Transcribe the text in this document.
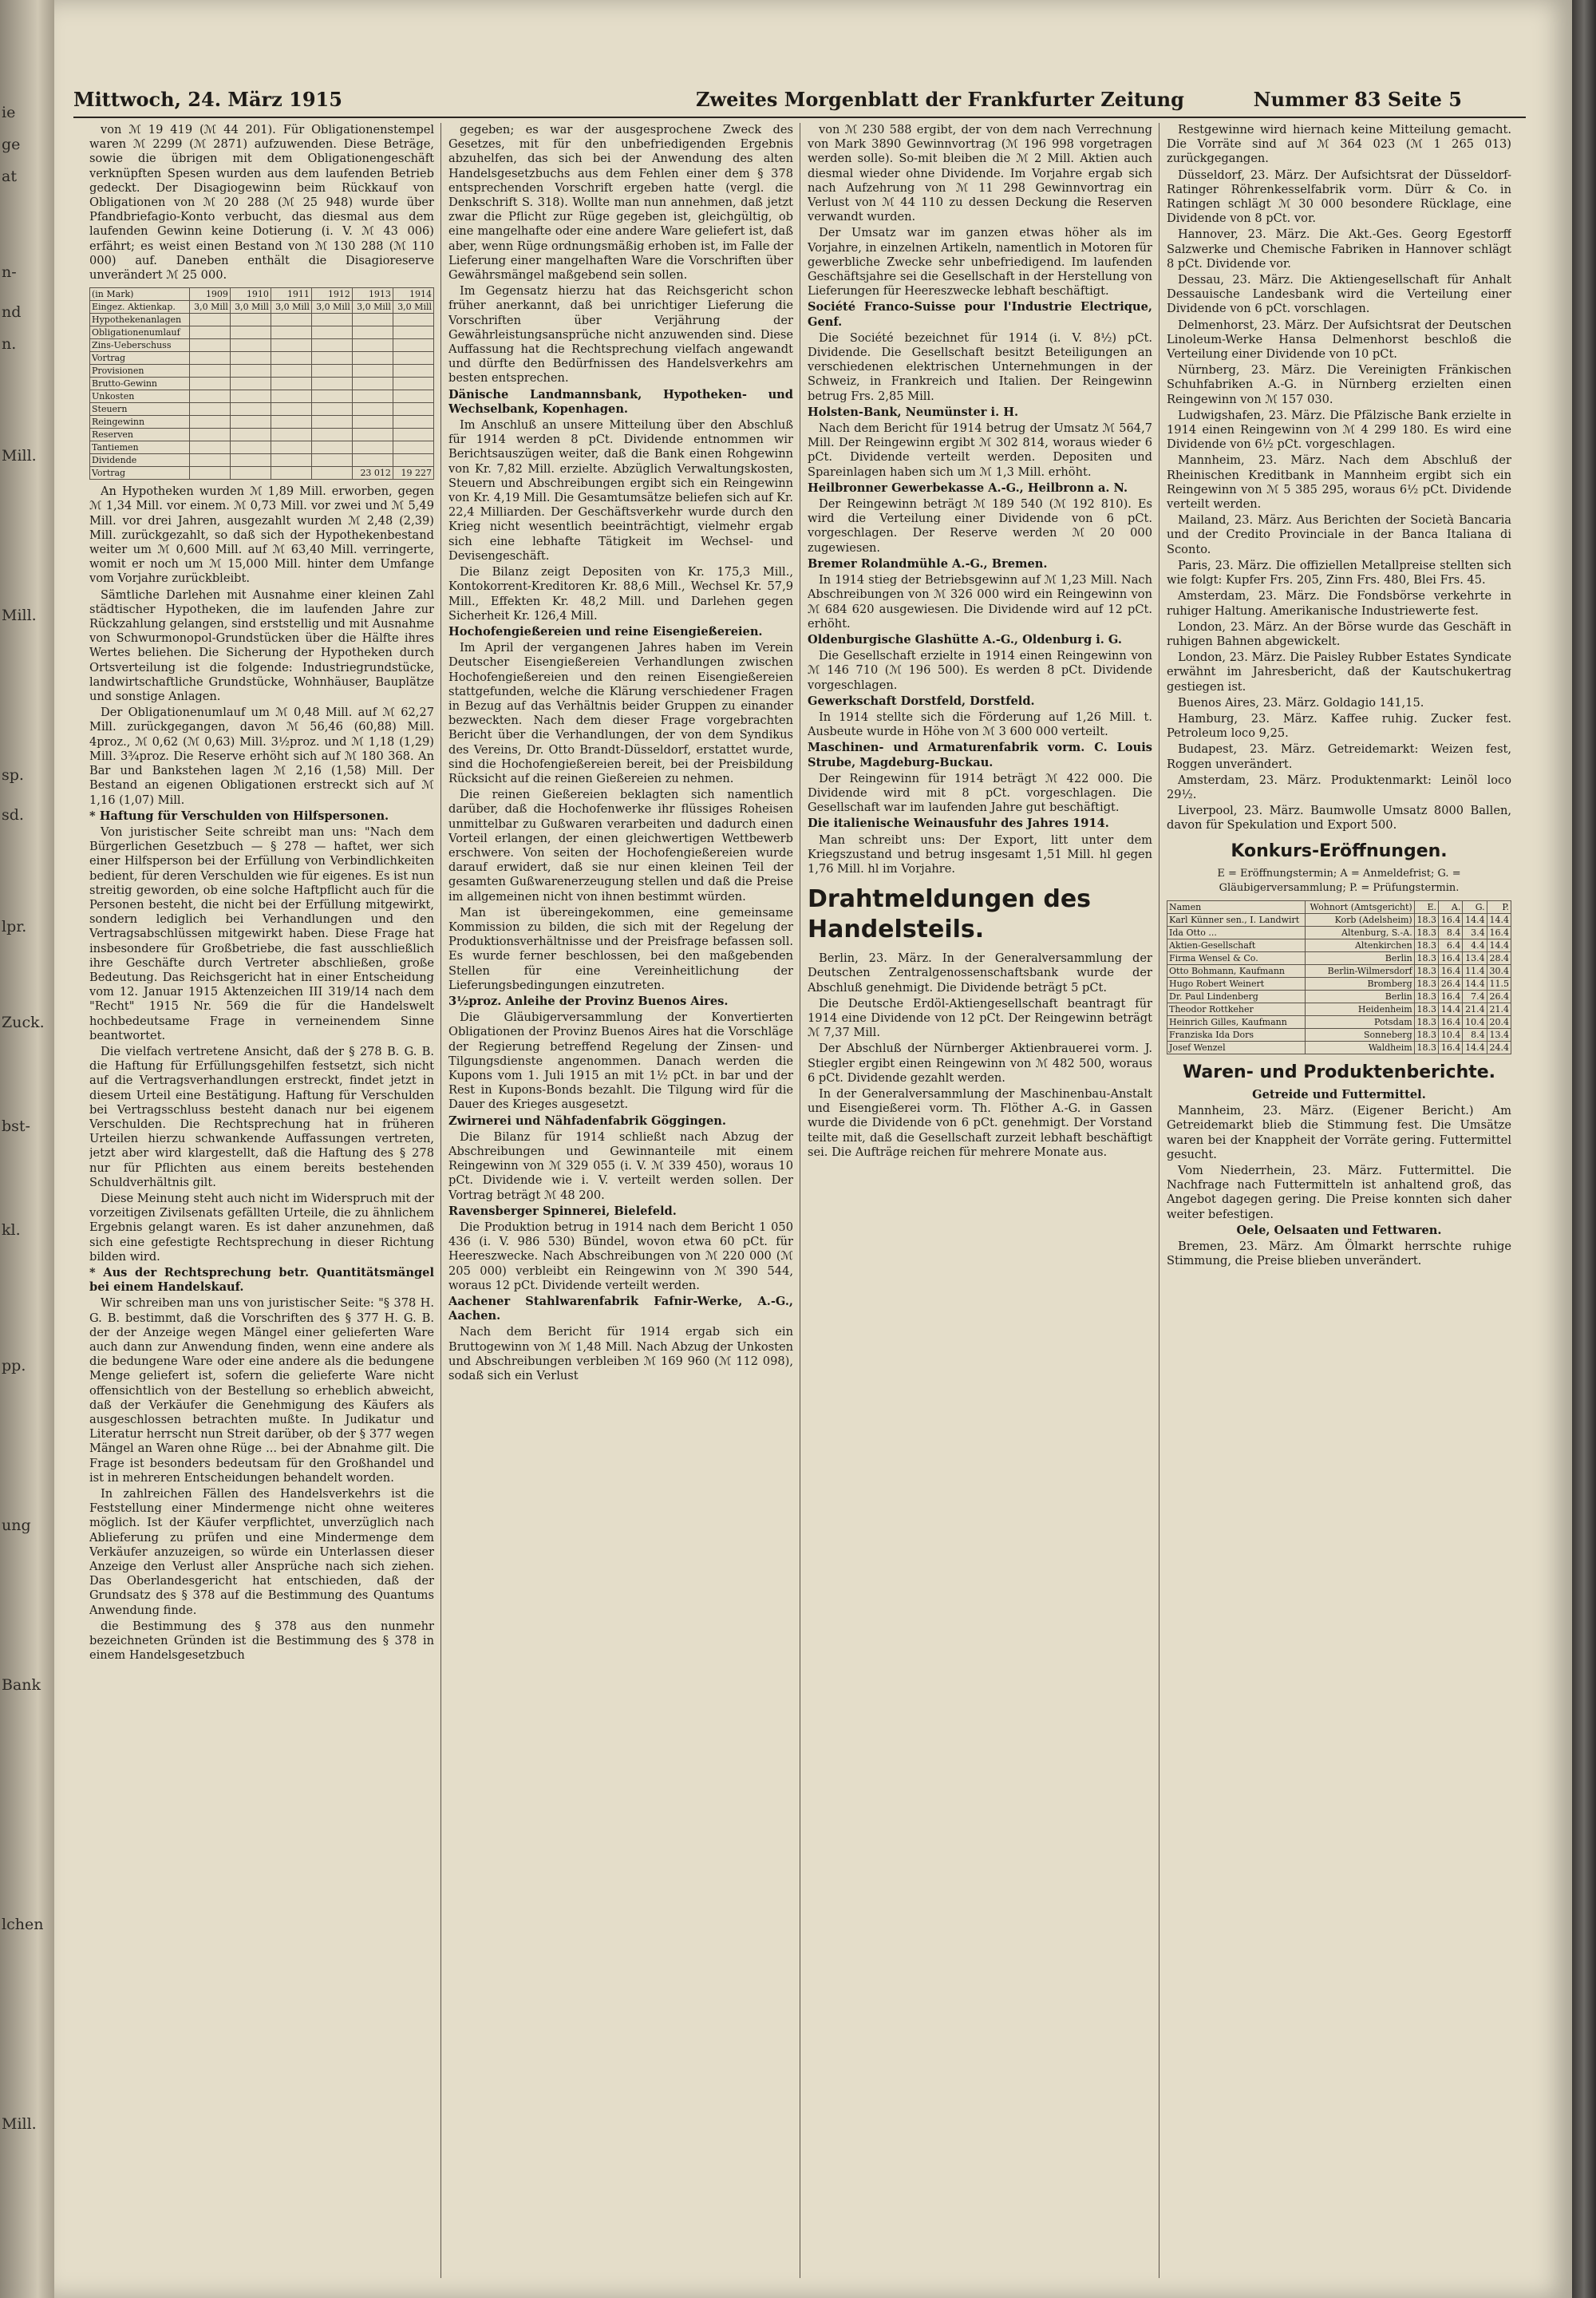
ie
ge
at
n-
nd
n.
Mill.
Mill.
sp.
sd.
lpr.
Zuck.
bst-
kl.
pp.
ung
Bank
lchen
Mill.
Mittwoch, 24. März 1915	Zweites Morgenblatt der Frankfurter Zeitung	Nummer 83 Seite 5

von ℳ 19 419 (ℳ 44 201). Für Obligationenstempel waren ℳ 2299 (ℳ 2871) aufzuwenden. Diese Beträge, sowie die übrigen mit dem Obligationengeschäft verknüpften Spesen wurden aus dem laufenden Betrieb gedeckt. Der Disagiogewinn beim Rückkauf von Obligationen von ℳ 20 288 (ℳ 25 948) wurde über Pfandbriefagio-Konto verbucht, das diesmal aus dem laufenden Gewinn keine Dotierung (i. V. ℳ 43 006) erfährt; es weist einen Bestand von ℳ 130 288 (ℳ 110 000) auf. Daneben enthält die Disagioreserve unverändert ℳ 25 000.

(in Mark)	1909	1910	1911	1912	1913	1914
Eingez. Aktienkap.	3,0 Mill	3,0 Mill	3,0 Mill	3,0 Mill	3,0 Mill	3,0 Mill
Hypothekenanlagen						
Obligationenumlauf						
Zins-Ueberschuss						
Vortrag						
Provisionen						
Brutto-Gewinn						
Unkosten						
Steuern						
Reingewinn						
Reserven						
Tantiemen						
Dividende						
Vortrag					23 012	19 227

An Hypotheken wurden ℳ 1,89 Mill. erworben, gegen ℳ 1,34 Mill. vor einem. ℳ 0,73 Mill. vor zwei und ℳ 5,49 Mill. vor drei Jahren, ausgezahlt wurden ℳ 2,48 (2,39) Mill. zurückgezahlt, so daß sich der Hypothekenbestand weiter um ℳ 0,600 Mill. auf ℳ 63,40 Mill. verringerte, womit er noch um ℳ 15,000 Mill. hinter dem Umfange vom Vorjahre zurückbleibt.

Sämtliche Darlehen mit Ausnahme einer kleinen Zahl städtischer Hypotheken, die im laufenden Jahre zur Rückzahlung gelangen, sind erststellig und mit Ausnahme von Schwurmonopol-Grundstücken über die Hälfte ihres Wertes beliehen. Die Sicherung der Hypotheken durch Ortsverteilung ist die folgende: Industriegrundstücke, landwirtschaftliche Grundstücke, Wohnhäuser, Bauplätze und sonstige Anlagen.

Der Obligationenumlauf um ℳ 0,48 Mill. auf ℳ 62,27 Mill. zurückgegangen, davon ℳ 56,46 (60,88) Mill. 4proz., ℳ 0,62 (ℳ 0,63) Mill. 3½proz. und ℳ 1,18 (1,29) Mill. 3¾proz. Die Reserve erhöht sich auf ℳ 180 368. An Bar und Bankstehen lagen ℳ 2,16 (1,58) Mill. Der Bestand an eigenen Obligationen erstreckt sich auf ℳ 1,16 (1,07) Mill.

* Haftung für Verschulden von Hilfspersonen.

Von juristischer Seite schreibt man uns: "Nach dem Bürgerlichen Gesetzbuch — § 278 — haftet, wer sich einer Hilfsperson bei der Erfüllung von Verbindlichkeiten bedient, für deren Verschulden wie für eigenes. Es ist nun streitig geworden, ob eine solche Haftpflicht auch für die Personen besteht, die nicht bei der Erfüllung mitgewirkt, sondern lediglich bei Verhandlungen und den Vertragsabschlüssen mitgewirkt haben. Diese Frage hat insbesondere für Großbetriebe, die fast ausschließlich ihre Geschäfte durch Vertreter abschließen, große Bedeutung. Das Reichsgericht hat in einer Entscheidung vom 12. Januar 1915 Aktenzeichen III 319/14 nach dem "Recht" 1915 Nr. 569 die für die Handelswelt hochbedeutsame Frage in verneinendem Sinne beantwortet.

Die vielfach vertretene Ansicht, daß der § 278 B. G. B. die Haftung für Erfüllungsgehilfen festsetzt, sich nicht auf die Vertragsverhandlungen erstreckt, findet jetzt in diesem Urteil eine Bestätigung. Haftung für Verschulden bei Vertragsschluss besteht danach nur bei eigenem Verschulden. Die Rechtsprechung hat in früheren Urteilen hierzu schwankende Auffassungen vertreten, jetzt aber wird klargestellt, daß die Haftung des § 278 nur für Pflichten aus einem bereits bestehenden Schuldverhältnis gilt.

Diese Meinung steht auch nicht im Widerspruch mit der vorzeitigen Zivilsenats gefällten Urteile, die zu ähnlichem Ergebnis gelangt waren. Es ist daher anzunehmen, daß sich eine gefestigte Rechtsprechung in dieser Richtung bilden wird.

* Aus der Rechtsprechung betr. Quantitätsmängel bei einem Handelskauf.

Wir schreiben man uns von juristischer Seite: "§ 378 H. G. B. bestimmt, daß die Vorschriften des § 377 H. G. B. der der Anzeige wegen Mängel einer gelieferten Ware auch dann zur Anwendung finden, wenn eine andere als die bedungene Ware oder eine andere als die bedungene Menge geliefert ist, sofern die gelieferte Ware nicht offensichtlich von der Bestellung so erheblich abweicht, daß der Verkäufer die Genehmigung des Käufers als ausgeschlossen betrachten mußte. In Judikatur und Literatur herrscht nun Streit darüber, ob der § 377 wegen Mängel an Waren ohne Rüge ... bei der Abnahme gilt. Die Frage ist besonders bedeutsam für den Großhandel und ist in mehreren Entscheidungen behandelt worden.

In zahlreichen Fällen des Handelsverkehrs ist die Feststellung einer Mindermenge nicht ohne weiteres möglich. Ist der Käufer verpflichtet, unverzüglich nach Ablieferung zu prüfen und eine Mindermenge dem Verkäufer anzuzeigen, so würde ein Unterlassen dieser Anzeige den Verlust aller Ansprüche nach sich ziehen. Das Oberlandesgericht hat entschieden, daß der Grundsatz des § 378 auf die Bestimmung des Quantums Anwendung finde.

die Bestimmung des § 378 aus den nunmehr bezeichneten Gründen ist die Bestimmung des § 378 in einem Handelsgesetzbuch

gegeben; es war der ausgesprochene Zweck des Gesetzes, mit für den unbefriedigenden Ergebnis abzuhelfen, das sich bei der Anwendung des alten Handelsgesetzbuchs aus dem Fehlen einer dem § 378 entsprechenden Vorschrift ergeben hatte (vergl. die Denkschrift S. 318). Wollte man nun annehmen, daß jetzt zwar die Pflicht zur Rüge gegeben ist, gleichgültig, ob eine mangelhafte oder eine andere Ware geliefert ist, daß aber, wenn Rüge ordnungsmäßig erhoben ist, im Falle der Lieferung einer mangelhaften Ware die Vorschriften über Gewährsmängel maßgebend sein sollen.

Im Gegensatz hierzu hat das Reichsgericht schon früher anerkannt, daß bei unrichtiger Lieferung die Vorschriften über Verjährung der Gewährleistungsansprüche nicht anzuwenden sind. Diese Auffassung hat die Rechtsprechung vielfach angewandt und dürfte den Bedürfnissen des Handelsverkehrs am besten entsprechen.

Dänische Landmannsbank, Hypotheken- und Wechselbank, Kopenhagen.

Im Anschluß an unsere Mitteilung über den Abschluß für 1914 werden 8 pCt. Dividende entnommen wir Berichtsauszügen weiter, daß die Bank einen Rohgewinn von Kr. 7,82 Mill. erzielte. Abzüglich Verwaltungskosten, Steuern und Abschreibungen ergibt sich ein Reingewinn von Kr. 4,19 Mill. Die Gesamtumsätze beliefen sich auf Kr. 22,4 Milliarden. Der Geschäftsverkehr wurde durch den Krieg nicht wesentlich beeinträchtigt, vielmehr ergab sich eine lebhafte Tätigkeit im Wechsel- und Devisengeschäft.

Die Bilanz zeigt Depositen von Kr. 175,3 Mill., Kontokorrent-Kreditoren Kr. 88,6 Mill., Wechsel Kr. 57,9 Mill., Effekten Kr. 48,2 Mill. und Darlehen gegen Sicherheit Kr. 126,4 Mill.

Hochofengießereien und reine Eisengießereien.

Im April der vergangenen Jahres haben im Verein Deutscher Eisengießereien Verhandlungen zwischen Hochofengießereien und den reinen Eisengießereien stattgefunden, welche die Klärung verschiedener Fragen in Bezug auf das Verhältnis beider Gruppen zu einander bezweckten. Nach dem dieser Frage vorgebrachten Bericht über die Verhandlungen, der von dem Syndikus des Vereins, Dr. Otto Brandt-Düsseldorf, erstattet wurde, sind die Hochofengießereien bereit, bei der Preisbildung Rücksicht auf die reinen Gießereien zu nehmen.

Die reinen Gießereien beklagten sich namentlich darüber, daß die Hochofenwerke ihr flüssiges Roheisen unmittelbar zu Gußwaren verarbeiten und dadurch einen Vorteil erlangen, der einen gleichwertigen Wettbewerb erschwere. Von seiten der Hochofengießereien wurde darauf erwidert, daß sie nur einen kleinen Teil der gesamten Gußwarenerzeugung stellen und daß die Preise im allgemeinen nicht von ihnen bestimmt würden.

Man ist übereingekommen, eine gemeinsame Kommission zu bilden, die sich mit der Regelung der Produktionsverhältnisse und der Preisfrage befassen soll. Es wurde ferner beschlossen, bei den maßgebenden Stellen für eine Vereinheitlichung der Lieferungsbedingungen einzutreten.

3½proz. Anleihe der Provinz Buenos Aires.

Die Gläubigerversammlung der Konvertierten Obligationen der Provinz Buenos Aires hat die Vorschläge der Regierung betreffend Regelung der Zinsen- und Tilgungsdienste angenommen. Danach werden die Kupons vom 1. Juli 1915 an mit 1½ pCt. in bar und der Rest in Kupons-Bonds bezahlt. Die Tilgung wird für die Dauer des Krieges ausgesetzt.

Zwirnerei und Nähfadenfabrik Göggingen.

Die Bilanz für 1914 schließt nach Abzug der Abschreibungen und Gewinnanteile mit einem Reingewinn von ℳ 329 055 (i. V. ℳ 339 450), woraus 10 pCt. Dividende wie i. V. verteilt werden sollen. Der Vortrag beträgt ℳ 48 200.

Ravensberger Spinnerei, Bielefeld.

Die Produktion betrug in 1914 nach dem Bericht 1 050 436 (i. V. 986 530) Bündel, wovon etwa 60 pCt. für Heereszwecke. Nach Abschreibungen von ℳ 220 000 (ℳ 205 000) verbleibt ein Reingewinn von ℳ 390 544, woraus 12 pCt. Dividende verteilt werden.

Aachener Stahlwarenfabrik Fafnir-Werke, A.-G., Aachen.

Nach dem Bericht für 1914 ergab sich ein Bruttogewinn von ℳ 1,48 Mill. Nach Abzug der Unkosten und Abschreibungen verbleiben ℳ 169 960 (ℳ 112 098), sodaß sich ein Verlust

von ℳ 230 588 ergibt, der von dem nach Verrechnung von Mark 3890 Gewinnvortrag (ℳ 196 998 vorgetragen werden solle). So-mit bleiben die ℳ 2 Mill. Aktien auch diesmal wieder ohne Dividende. Im Vorjahre ergab sich nach Aufzehrung von ℳ 11 298 Gewinnvortrag ein Verlust von ℳ 44 110 zu dessen Deckung die Reserven verwandt wurden.

Der Umsatz war im ganzen etwas höher als im Vorjahre, in einzelnen Artikeln, namentlich in Motoren für gewerbliche Zwecke sehr unbefriedigend. Im laufenden Geschäftsjahre sei die Gesellschaft in der Herstellung von Lieferungen für Heereszwecke lebhaft beschäftigt.

Société Franco-Suisse pour l'Industrie Electrique, Genf.

Die Société bezeichnet für 1914 (i. V. 8½) pCt. Dividende. Die Gesellschaft besitzt Beteiligungen an verschiedenen elektrischen Unternehmungen in der Schweiz, in Frankreich und Italien. Der Reingewinn betrug Frs. 2,85 Mill.

Holsten-Bank, Neumünster i. H.

Nach dem Bericht für 1914 betrug der Umsatz ℳ 564,7 Mill. Der Reingewinn ergibt ℳ 302 814, woraus wieder 6 pCt. Dividende verteilt werden. Depositen und Spareinlagen haben sich um ℳ 1,3 Mill. erhöht.

Heilbronner Gewerbekasse A.-G., Heilbronn a. N.

Der Reingewinn beträgt ℳ 189 540 (ℳ 192 810). Es wird die Verteilung einer Dividende von 6 pCt. vorgeschlagen. Der Reserve werden ℳ 20 000 zugewiesen.

Bremer Rolandmühle A.-G., Bremen.

In 1914 stieg der Betriebsgewinn auf ℳ 1,23 Mill. Nach Abschreibungen von ℳ 326 000 wird ein Reingewinn von ℳ 684 620 ausgewiesen. Die Dividende wird auf 12 pCt. erhöht.

Oldenburgische Glashütte A.-G., Oldenburg i. G.

Die Gesellschaft erzielte in 1914 einen Reingewinn von ℳ 146 710 (ℳ 196 500). Es werden 8 pCt. Dividende vorgeschlagen.

Gewerkschaft Dorstfeld, Dorstfeld.

In 1914 stellte sich die Förderung auf 1,26 Mill. t. Ausbeute wurde in Höhe von ℳ 3 600 000 verteilt.

Maschinen- und Armaturenfabrik vorm. C. Louis Strube, Magdeburg-Buckau.

Der Reingewinn für 1914 beträgt ℳ 422 000. Die Dividende wird mit 8 pCt. vorgeschlagen. Die Gesellschaft war im laufenden Jahre gut beschäftigt.

Die italienische Weinausfuhr des Jahres 1914.

Man schreibt uns: Der Export, litt unter dem Kriegszustand und betrug insgesamt 1,51 Mill. hl gegen 1,76 Mill. hl im Vorjahre.

Drahtmeldungen des Handelsteils.

Berlin, 23. März. In der Generalversammlung der Deutschen Zentralgenossenschaftsbank wurde der Abschluß genehmigt. Die Dividende beträgt 5 pCt.

Die Deutsche Erdöl-Aktiengesellschaft beantragt für 1914 eine Dividende von 12 pCt. Der Reingewinn beträgt ℳ 7,37 Mill.

Der Abschluß der Nürnberger Aktienbrauerei vorm. J. Stiegler ergibt einen Reingewinn von ℳ 482 500, woraus 6 pCt. Dividende gezahlt werden.

In der Generalversammlung der Maschinenbau-Anstalt und Eisengießerei vorm. Th. Flöther A.-G. in Gassen wurde die Dividende von 6 pCt. genehmigt. Der Vorstand teilte mit, daß die Gesellschaft zurzeit lebhaft beschäftigt sei. Die Aufträge reichen für mehrere Monate aus.

Restgewinne wird hiernach keine Mitteilung gemacht. Die Vorräte sind auf ℳ 364 023 (ℳ 1 265 013) zurückgegangen.

Düsseldorf, 23. März. Der Aufsichtsrat der Düsseldorf-Ratinger Röhrenkesselfabrik vorm. Dürr & Co. in Ratingen schlägt ℳ 30 000 besondere Rücklage, eine Dividende von 8 pCt. vor.

Hannover, 23. März. Die Akt.-Ges. Georg Egestorff Salzwerke und Chemische Fabriken in Hannover schlägt 8 pCt. Dividende vor.

Dessau, 23. März. Die Aktiengesellschaft für Anhalt Dessauische Landesbank wird die Verteilung einer Dividende von 6 pCt. vorschlagen.

Delmenhorst, 23. März. Der Aufsichtsrat der Deutschen Linoleum-Werke Hansa Delmenhorst beschloß die Verteilung einer Dividende von 10 pCt.

Nürnberg, 23. März. Die Vereinigten Fränkischen Schuhfabriken A.-G. in Nürnberg erzielten einen Reingewinn von ℳ 157 030.

Ludwigshafen, 23. März. Die Pfälzische Bank erzielte in 1914 einen Reingewinn von ℳ 4 299 180. Es wird eine Dividende von 6½ pCt. vorgeschlagen.

Mannheim, 23. März. Nach dem Abschluß der Rheinischen Kreditbank in Mannheim ergibt sich ein Reingewinn von ℳ 5 385 295, woraus 6½ pCt. Dividende verteilt werden.

Mailand, 23. März. Aus Berichten der Società Bancaria und der Credito Provinciale in der Banca Italiana di Sconto.

Paris, 23. März. Die offiziellen Metallpreise stellten sich wie folgt: Kupfer Frs. 205, Zinn Frs. 480, Blei Frs. 45.

Amsterdam, 23. März. Die Fondsbörse verkehrte in ruhiger Haltung. Amerikanische Industriewerte fest.

London, 23. März. An der Börse wurde das Geschäft in ruhigen Bahnen abgewickelt.

London, 23. März. Die Paisley Rubber Estates Syndicate erwähnt im Jahresbericht, daß der Kautschukertrag gestiegen ist.

Buenos Aires, 23. März. Goldagio 141,15.

Hamburg, 23. März. Kaffee ruhig. Zucker fest. Petroleum loco 9,25.

Budapest, 23. März. Getreidemarkt: Weizen fest, Roggen unverändert.

Amsterdam, 23. März. Produktenmarkt: Leinöl loco 29½.

Liverpool, 23. März. Baumwolle Umsatz 8000 Ballen, davon für Spekulation und Export 500.

Konkurs-Eröffnungen.

E = Eröffnungstermin; A = Anmeldefrist; G. = Gläubigerversammlung; P. = Prüfungstermin.

Namen	Wohnort (Amtsgericht)	E.	A.	G.	P.
Karl Künner sen., I. Landwirt	Korb (Adelsheim)	18.3	16.4	14.4	14.4
Ida Otto ...	Altenburg, S.-A.	18.3	8.4	3.4	16.4
Aktien-Gesellschaft	Altenkirchen	18.3	6.4	4.4	14.4
Firma Wensel & Co.	Berlin	18.3	16.4	13.4	28.4
Otto Bohmann, Kaufmann	Berlin-Wilmersdorf	18.3	16.4	11.4	30.4
Hugo Robert Weinert	Bromberg	18.3	26.4	14.4	11.5
Dr. Paul Lindenberg	Berlin	18.3	16.4	7.4	26.4
Theodor Rottkeher	Heidenheim	18.3	14.4	21.4	21.4
Heinrich Gilles, Kaufmann	Potsdam	18.3	16.4	10.4	20.4
Franziska Ida Dors	Sonneberg	18.3	10.4	8.4	13.4
Josef Wenzel	Waldheim	18.3	16.4	14.4	24.4

Waren- und Produktenberichte.

Getreide und Futtermittel.

Mannheim, 23. März. (Eigener Bericht.) Am Getreidemarkt blieb die Stimmung fest. Die Umsätze waren bei der Knappheit der Vorräte gering. Futtermittel gesucht.

Vom Niederrhein, 23. März. Futtermittel. Die Nachfrage nach Futtermitteln ist anhaltend groß, das Angebot dagegen gering. Die Preise konnten sich daher weiter befestigen.

Oele, Oelsaaten und Fettwaren.

Bremen, 23. März. Am Ölmarkt herrschte ruhige Stimmung, die Preise blieben unverändert.
